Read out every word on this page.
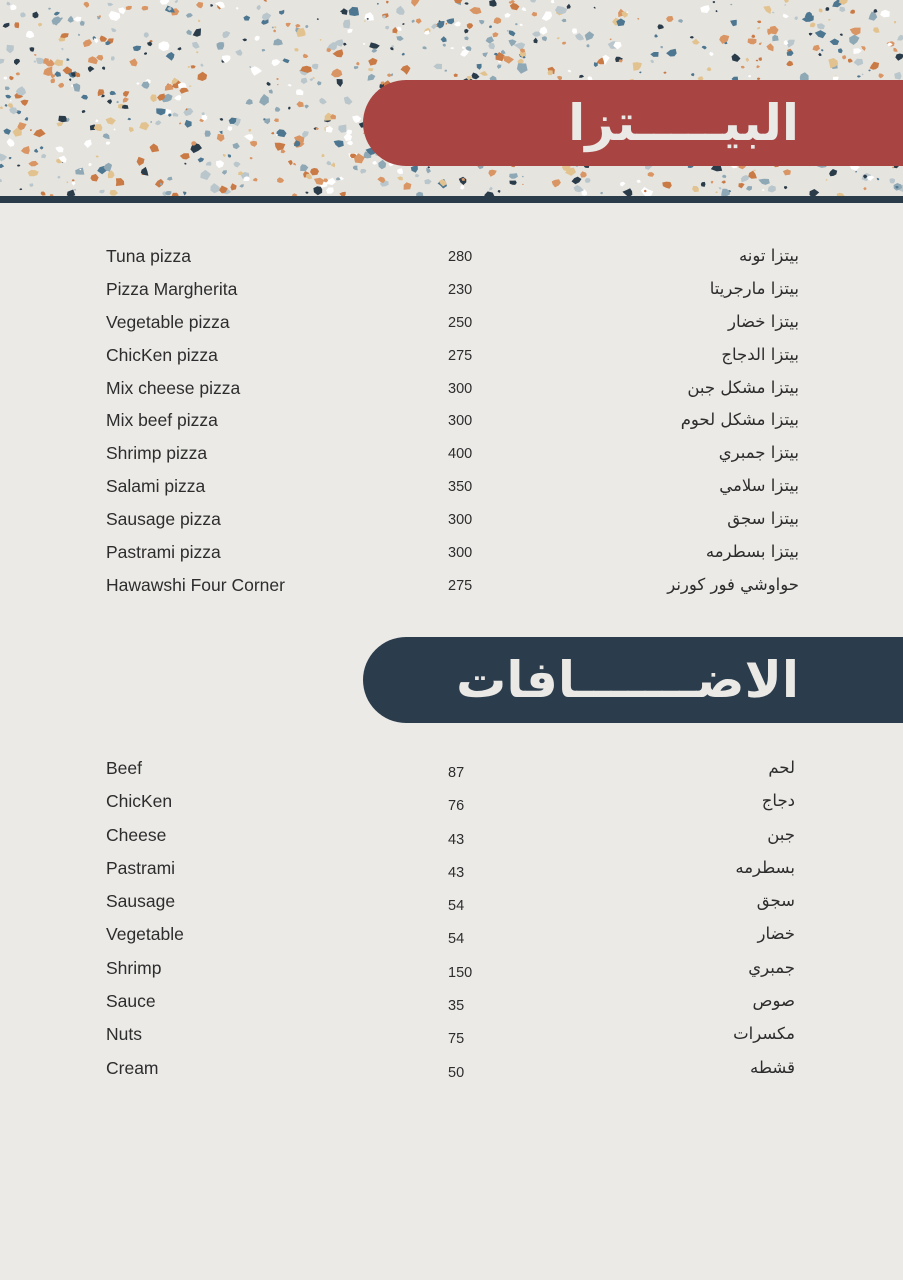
البيـــــتزا
Tuna pizza	280	بيتزا تونه
Pizza Margherita	230	بيتزا مارجريتا
Vegetable pizza	250	بيتزا خضار
ChicKen pizza	275	بيتزا الدجاج
Mix cheese pizza	300	بيتزا مشكل جبن
Mix beef pizza	300	بيتزا مشكل لحوم
Shrimp pizza	400	بيتزا جمبري
Salami pizza	350	بيتزا سلامي
Sausage pizza	300	بيتزا سجق
Pastrami pizza	300	بيتزا بسطرمه
Hawawshi Four Corner	275	حواوشي فور كورنر
الاضـــــــافات
Beef	87	لحم
ChicKen	76	دجاج
Cheese	43	جبن
Pastrami	43	بسطرمه
Sausage	54	سجق
Vegetable	54	خضار
Shrimp	150	جمبري
Sauce	35	صوص
Nuts	75	مكسرات
Cream	50	قشطه
